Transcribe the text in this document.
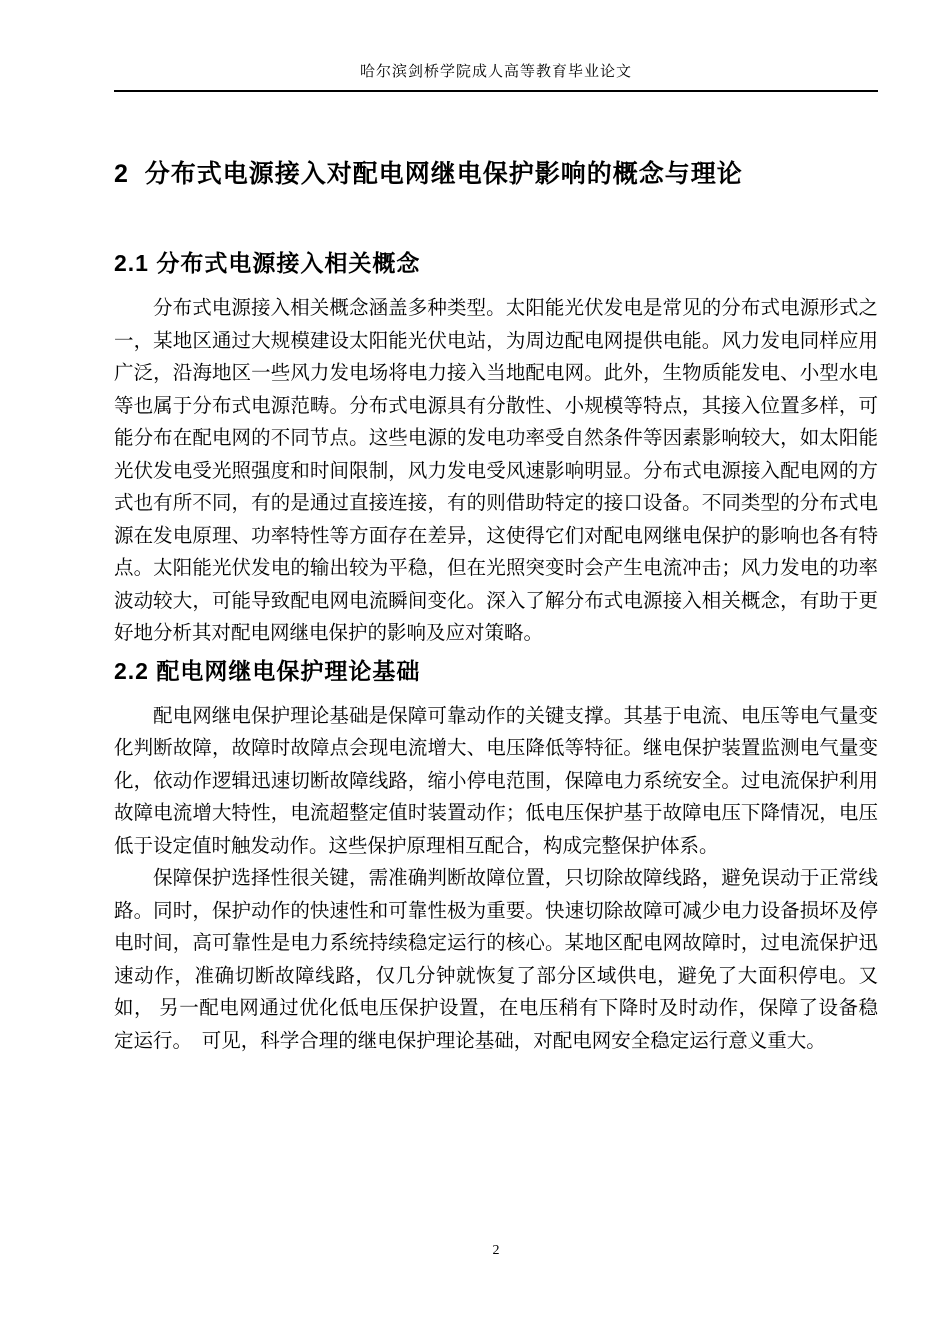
哈尔滨剑桥学院成人高等教育毕业论文
2  分布式电源接入对配电网继电保护影响的概念与理论
2.1 分布式电源接入相关概念

分布式电源接入相关概念涵盖多种类型。太阳能光伏发电是常见的分布式电源形式之一，某地区通过大规模建设太阳能光伏电站，为周边配电网提供电能。风力发电同样应用广泛，沿海地区一些风力发电场将电力接入当地配电网。此外，生物质能发电、小型水电等也属于分布式电源范畴。分布式电源具有分散性、小规模等特点，其接入位置多样，可能分布在配电网的不同节点。这些电源的发电功率受自然条件等因素影响较大，如太阳能光伏发电受光照强度和时间限制，风力发电受风速影响明显。分布式电源接入配电网的方式也有所不同，有的是通过直接连接，有的则借助特定的接口设备。不同类型的分布式电源在发电原理、功率特性等方面存在差异，这使得它们对配电网继电保护的影响也各有特点。太阳能光伏发电的输出较为平稳，但在光照突变时会产生电流冲击；风力发电的功率波动较大，可能导致配电网电流瞬间变化。深入了解分布式电源接入相关概念，有助于更好地分析其对配电网继电保护的影响及应对策略。

2.2 配电网继电保护理论基础

配电网继电保护理论基础是保障可靠动作的关键支撑。其基于电流、电压等电气量变化判断故障，故障时故障点会现电流增大、电压降低等特征。继电保护装置监测电气量变化，依动作逻辑迅速切断故障线路，缩小停电范围，保障电力系统安全。过电流保护利用故障电流增大特性，电流超整定值时装置动作；低电压保护基于故障电压下降情况，电压低于设定值时触发动作。这些保护原理相互配合，构成完整保护体系。

保障保护选择性很关键，需准确判断故障位置，只切除故障线路，避免误动于正常线路。同时，保护动作的快速性和可靠性极为重要。快速切除故障可减少电力设备损坏及停电时间，高可靠性是电力系统持续稳定运行的核心。某地区配电网故障时，过电流保护迅速动作，准确切断故障线路，仅几分钟就恢复了部分区域供电，避免了大面积停电。又如， 另一配电网通过优化低电压保护设置，在电压稍有下降时及时动作，保障了设备稳定运行。　可见，科学合理的继电保护理论基础，对配电网安全稳定运行意义重大。

2
